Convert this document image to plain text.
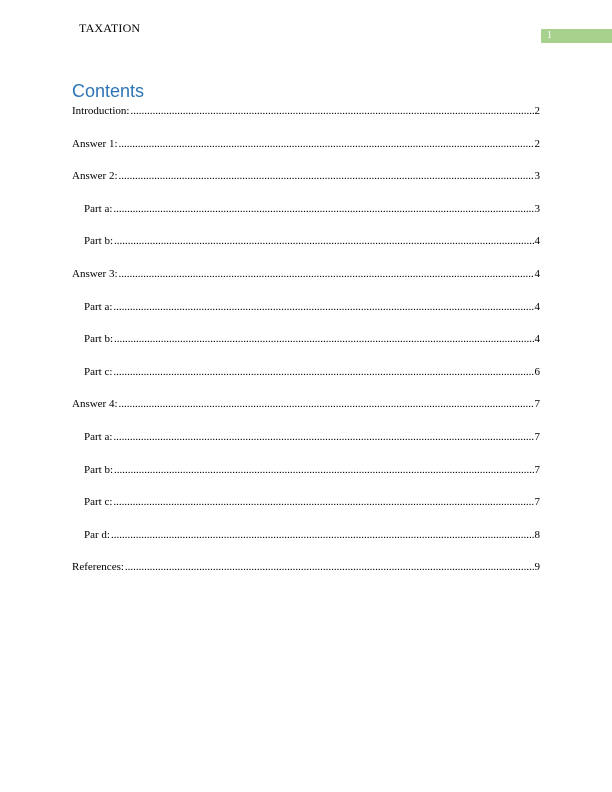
TAXATION
1
Contents
Introduction: .....	2
Answer 1: .....	2
Answer 2: .....	3
Part a: .....	3
Part b: .....	4
Answer 3: .....	4
Part a: .....	4
Part b: .....	4
Part c: .....	6
Answer 4: .....	7
Part a: .....	7
Part b: .....	7
Part c: .....	7
Par d: .....	8
References: .....	9
